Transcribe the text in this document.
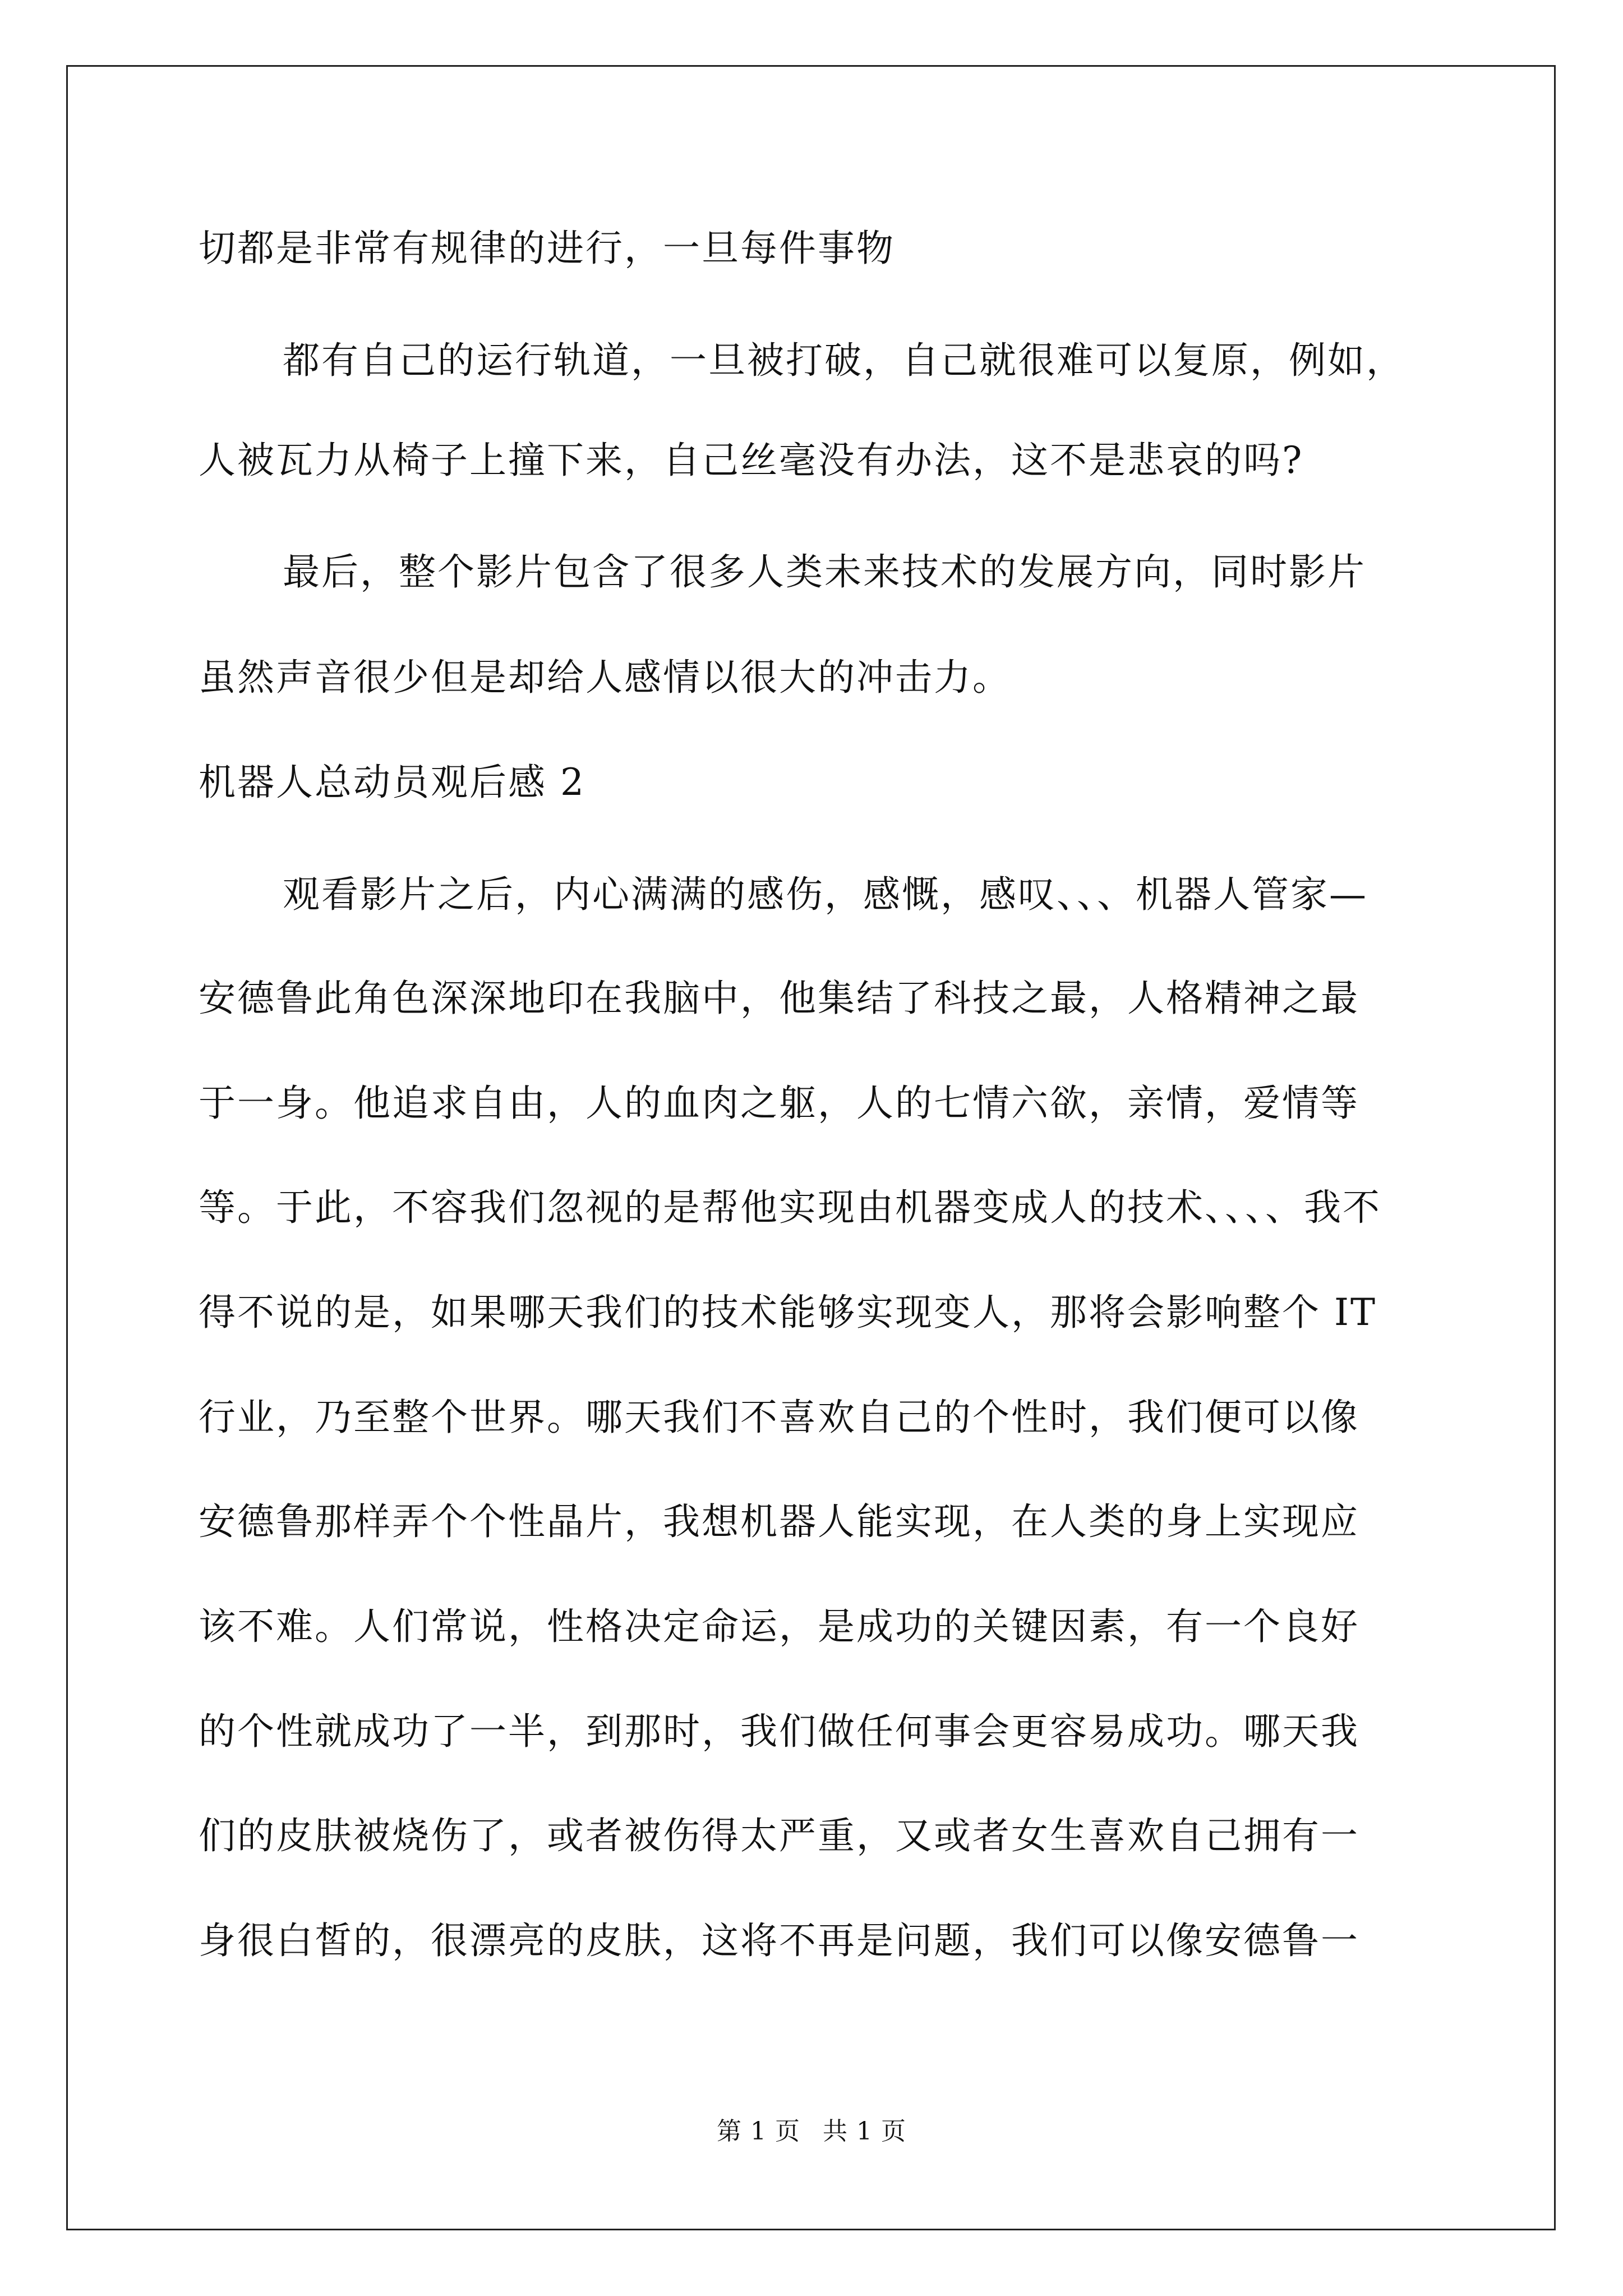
切都是非常有规律的进行，一旦每件事物
都有自己的运行轨道，一旦被打破，自己就很难可以复原，例如，
人被瓦力从椅子上撞下来，自己丝毫没有办法，这不是悲哀的吗?
最后，整个影片包含了很多人类未来技术的发展方向，同时影片
虽然声音很少但是却给人感情以很大的冲击力。
机器人总动员观后感 2
观看影片之后，内心满满的感伤，感慨，感叹、、、机器人管家—
安德鲁此角色深深地印在我脑中，他集结了科技之最，人格精神之最
于一身。他追求自由，人的血肉之躯，人的七情六欲，亲情，爱情等
等。于此，不容我们忽视的是帮他实现由机器变成人的技术、、、、我不
得不说的是，如果哪天我们的技术能够实现变人，那将会影响整个 IT
行业，乃至整个世界。哪天我们不喜欢自己的个性时，我们便可以像
安德鲁那样弄个个性晶片，我想机器人能实现，在人类的身上实现应
该不难。人们常说，性格决定命运，是成功的关键因素，有一个良好
的个性就成功了一半，到那时，我们做任何事会更容易成功。哪天我
们的皮肤被烧伤了，或者被伤得太严重，又或者女生喜欢自己拥有一
身很白皙的，很漂亮的皮肤，这将不再是问题，我们可以像安德鲁一
第 1 页 共 1 页
